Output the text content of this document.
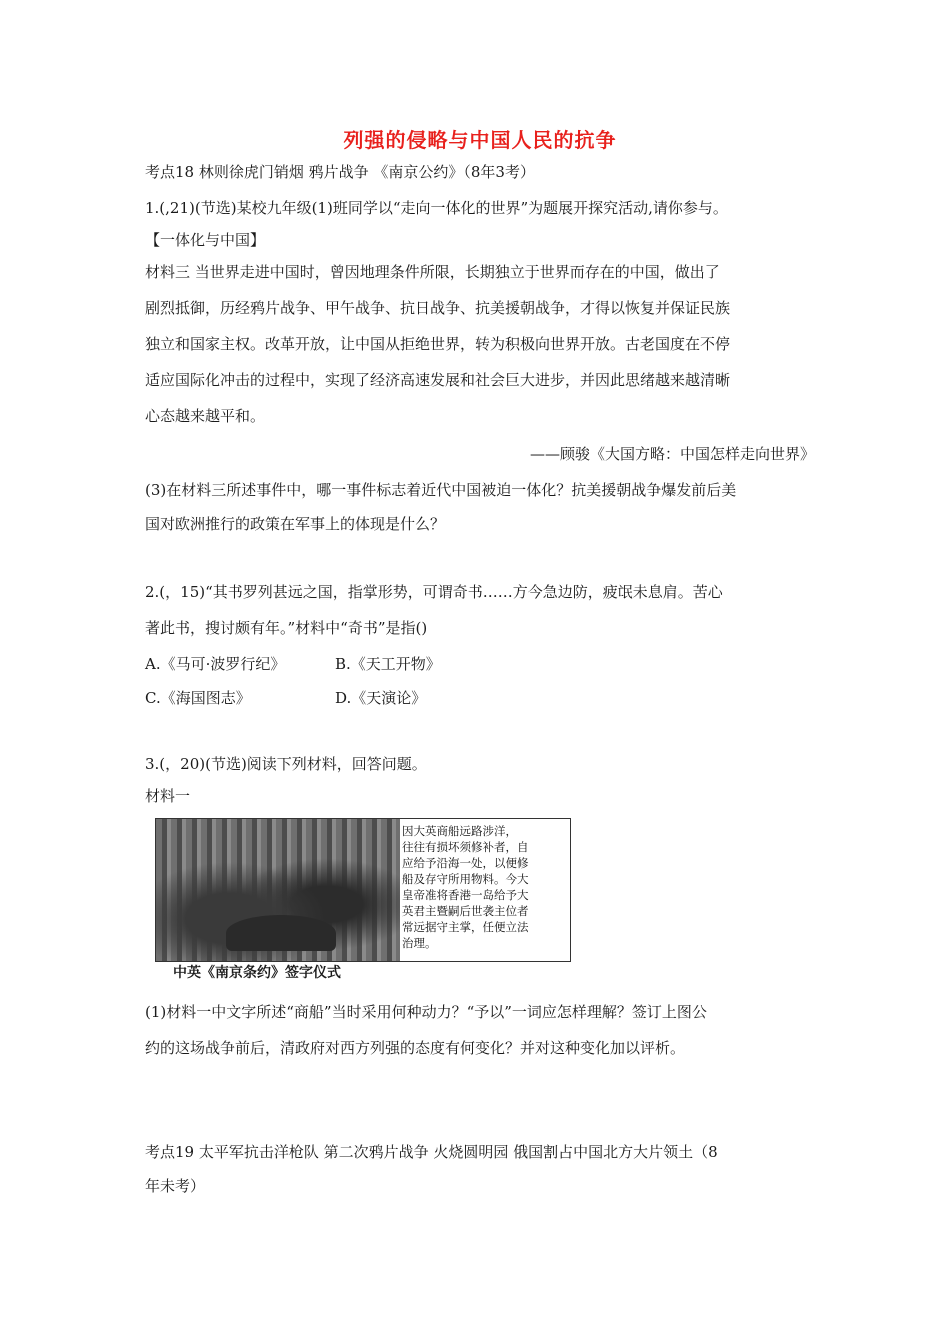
列强的侵略与中国人民的抗争
考点18 林则徐虎门销烟 鸦片战争 《南京公约》（8年3考）
1.(,21)(节选)某校九年级(1)班同学以“走向一体化的世界”为题展开探究活动,请你参与。
【一体化与中国】
材料三 当世界走进中国时，曾因地理条件所限，长期独立于世界而存在的中国，做出了
剧烈抵御，历经鸦片战争、甲午战争、抗日战争、抗美援朝战争，才得以恢复并保证民族
独立和国家主权。改革开放，让中国从拒绝世界，转为积极向世界开放。古老国度在不停
适应国际化冲击的过程中，实现了经济高速发展和社会巨大进步，并因此思绪越来越清晰
心态越来越平和。
——顾骏《大国方略：中国怎样走向世界》
(3)在材料三所述事件中，哪一事件标志着近代中国被迫一体化？抗美援朝战争爆发前后美
国对欧洲推行的政策在军事上的体现是什么？
2.(，15)“其书罗列甚远之国，指掌形势，可谓奇书……方今急边防，疲氓未息肩。苦心
著此书，搜讨颇有年。”材料中“奇书”是指()
A.《马可·波罗行纪》	B.《天工开物》
C.《海国图志》	D.《天演论》
3.(，20)(节选)阅读下列材料，回答问题。
材料一
因大英商船远路涉洋，
往往有损坏须修补者，自
应给予沿海一处，以便修
船及存守所用物料。今大
皇帝准将香港一岛给予大
英君主暨嗣后世袭主位者
常远据守主掌，任便立法
治理。
中英《南京条约》签字仪式
(1)材料一中文字所述“商船”当时采用何种动力？“予以”一词应怎样理解？签订上图公
约的这场战争前后，清政府对西方列强的态度有何变化？并对这种变化加以评析。
考点19 太平军抗击洋枪队 第二次鸦片战争 火烧圆明园 俄国割占中国北方大片领土（8
年未考）
